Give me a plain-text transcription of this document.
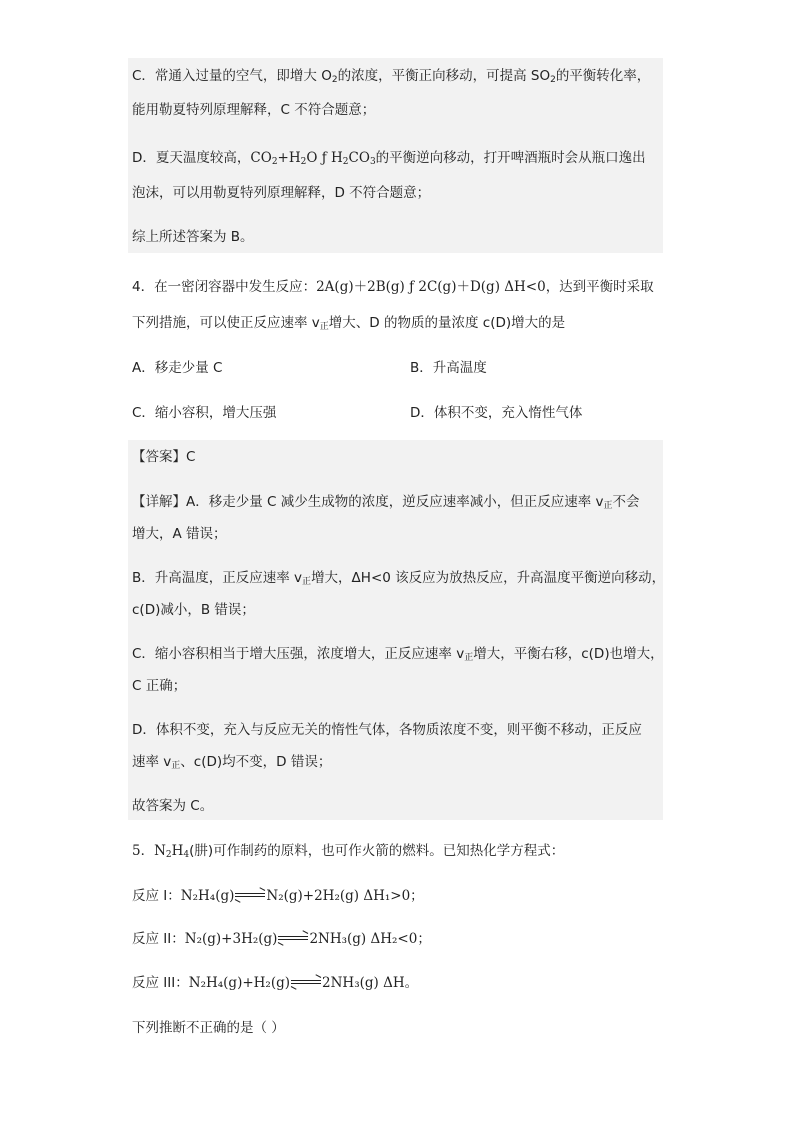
C．常通入过量的空气，即增大 O2的浓度，平衡正向移动，可提高 SO2的平衡转化率，
能用勒夏特列原理解释，C 不符合题意；
D．夏天温度较高，CO2+H2O ƒ H2CO3的平衡逆向移动，打开啤酒瓶时会从瓶口逸出
泡沫，可以用勒夏特列原理解释，D 不符合题意；
综上所述答案为 B。
4．在一密闭容器中发生反应：2A(g)＋2B(g) ƒ 2C(g)＋D(g) ΔH<0，达到平衡时采取
下列措施，可以使正反应速率 v正增大、D 的物质的量浓度 c(D)增大的是
A．移走少量 C	B．升高温度
C．缩小容积，增大压强	D．体积不变，充入惰性气体
【答案】C
【详解】A．移走少量 C 减少生成物的浓度，逆反应速率减小，但正反应速率 v正不会
增大，A 错误；
B．升高温度，正反应速率 v正增大，ΔH<0 该反应为放热反应，升高温度平衡逆向移动，
c(D)减小，B 错误；
C．缩小容积相当于增大压强，浓度增大，正反应速率 v正增大，平衡右移，c(D)也增大，
C 正确；
D．体积不变，充入与反应无关的惰性气体，各物质浓度不变，则平衡不移动，正反应
速率 v正、c(D)均不变，D 错误；
故答案为 C。
5．N2H4(肼)可作制药的原料，也可作火箭的燃料。已知热化学方程式：
反应 I：N₂H₄(g) N₂(g)+2H₂(g) ΔH₁>0；
反应 II：N₂(g)+3H₂(g) 2NH₃(g) ΔH₂<0；
反应 III：N₂H₄(g)+H₂(g) 2NH₃(g) ΔH。
下列推断不正确的是（ ）
